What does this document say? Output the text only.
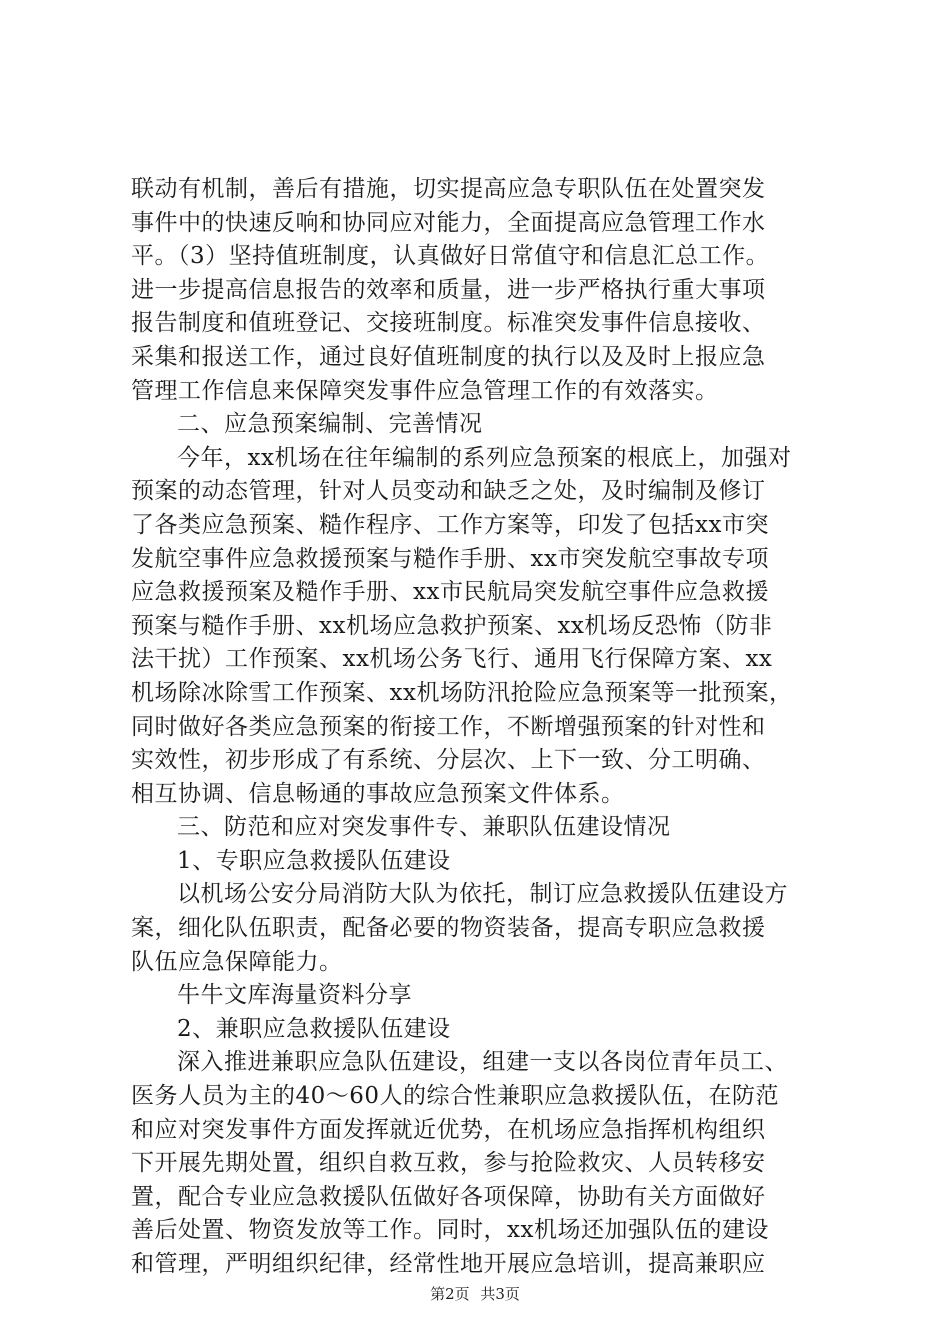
联动有机制，善后有措施，切实提高应急专职队伍在处置突发
事件中的快速反响和协同应对能力，全面提高应急管理工作水
平。（3）坚持值班制度，认真做好日常值守和信息汇总工作。
进一步提高信息报告的效率和质量，进一步严格执行重大事项
报告制度和值班登记、交接班制度。标准突发事件信息接收、
采集和报送工作，通过良好值班制度的执行以及及时上报应急
管理工作信息来保障突发事件应急管理工作的有效落实。
二、应急预案编制、完善情况
今年，xx机场在往年编制的系列应急预案的根底上，加强对
预案的动态管理，针对人员变动和缺乏之处，及时编制及修订
了各类应急预案、糙作程序、工作方案等，印发了包括xx市突
发航空事件应急救援预案与糙作手册、xx市突发航空事故专项
应急救援预案及糙作手册、xx市民航局突发航空事件应急救援
预案与糙作手册、xx机场应急救护预案、xx机场反恐怖（防非
法干扰）工作预案、xx机场公务飞行、通用飞行保障方案、xx
机场除冰除雪工作预案、xx机场防汛抢险应急预案等一批预案，
同时做好各类应急预案的衔接工作，不断增强预案的针对性和
实效性，初步形成了有系统、分层次、上下一致、分工明确、
相互协调、信息畅通的事故应急预案文件体系。
三、防范和应对突发事件专、兼职队伍建设情况
1、专职应急救援队伍建设
以机场公安分局消防大队为依托，制订应急救援队伍建设方
案，细化队伍职责，配备必要的物资装备，提高专职应急救援
队伍应急保障能力。
牛牛文库海量资料分享
2、兼职应急救援队伍建设
深入推进兼职应急队伍建设，组建一支以各岗位青年员工、
医务人员为主的40～60人的综合性兼职应急救援队伍，在防范
和应对突发事件方面发挥就近优势，在机场应急指挥机构组织
下开展先期处置，组织自救互救，参与抢险救灾、人员转移安
置，配合专业应急救援队伍做好各项保障，协助有关方面做好
善后处置、物资发放等工作。同时，xx机场还加强队伍的建设
和管理，严明组织纪律，经常性地开展应急培训，提高兼职应
第2页 共3页
